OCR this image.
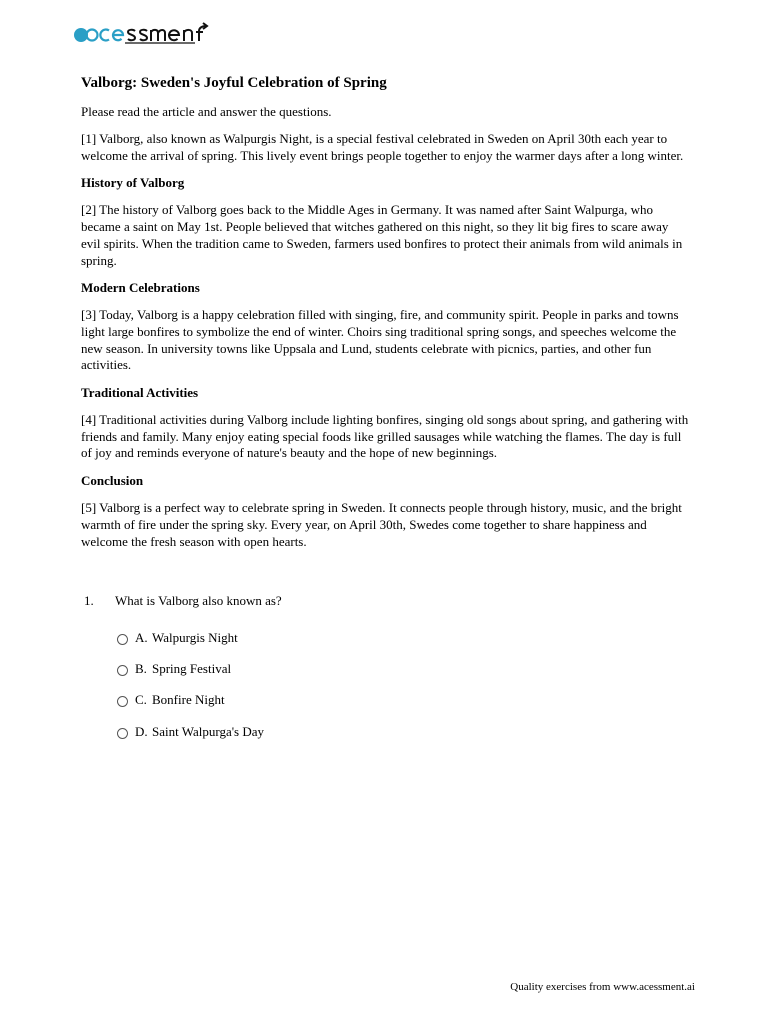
Valborg: Sweden's Joyful Celebration of Spring

Please read the article and answer the questions.

[1] Valborg, also known as Walpurgis Night, is a special festival celebrated in Sweden on April 30th each year to welcome the arrival of spring. This lively event brings people together to enjoy the warmer days after a long winter.

History of Valborg

[2] The history of Valborg goes back to the Middle Ages in Germany. It was named after Saint Walpurga, who became a saint on May 1st. People believed that witches gathered on this night, so they lit big fires to scare away evil spirits. When the tradition came to Sweden, farmers used bonfires to protect their animals from wild animals in spring.

Modern Celebrations

[3] Today, Valborg is a happy celebration filled with singing, fire, and community spirit. People in parks and towns light large bonfires to symbolize the end of winter. Choirs sing traditional spring songs, and speeches welcome the new season. In university towns like Uppsala and Lund, students celebrate with picnics, parties, and other fun activities.

Traditional Activities

[4] Traditional activities during Valborg include lighting bonfires, singing old songs about spring, and gathering with friends and family. Many enjoy eating special foods like grilled sausages while watching the flames. The day is full of joy and reminds everyone of nature's beauty and the hope of new beginnings.

Conclusion

[5] Valborg is a perfect way to celebrate spring in Sweden. It connects people through history, music, and the bright warmth of fire under the spring sky. Every year, on April 30th, Swedes come together to share happiness and welcome the fresh season with open hearts.

1. What is Valborg also known as?
A. Walpurgis Night
B. Spring Festival
C. Bonfire Night
D. Saint Walpurga's Day
Quality exercises from www.acessment.ai
